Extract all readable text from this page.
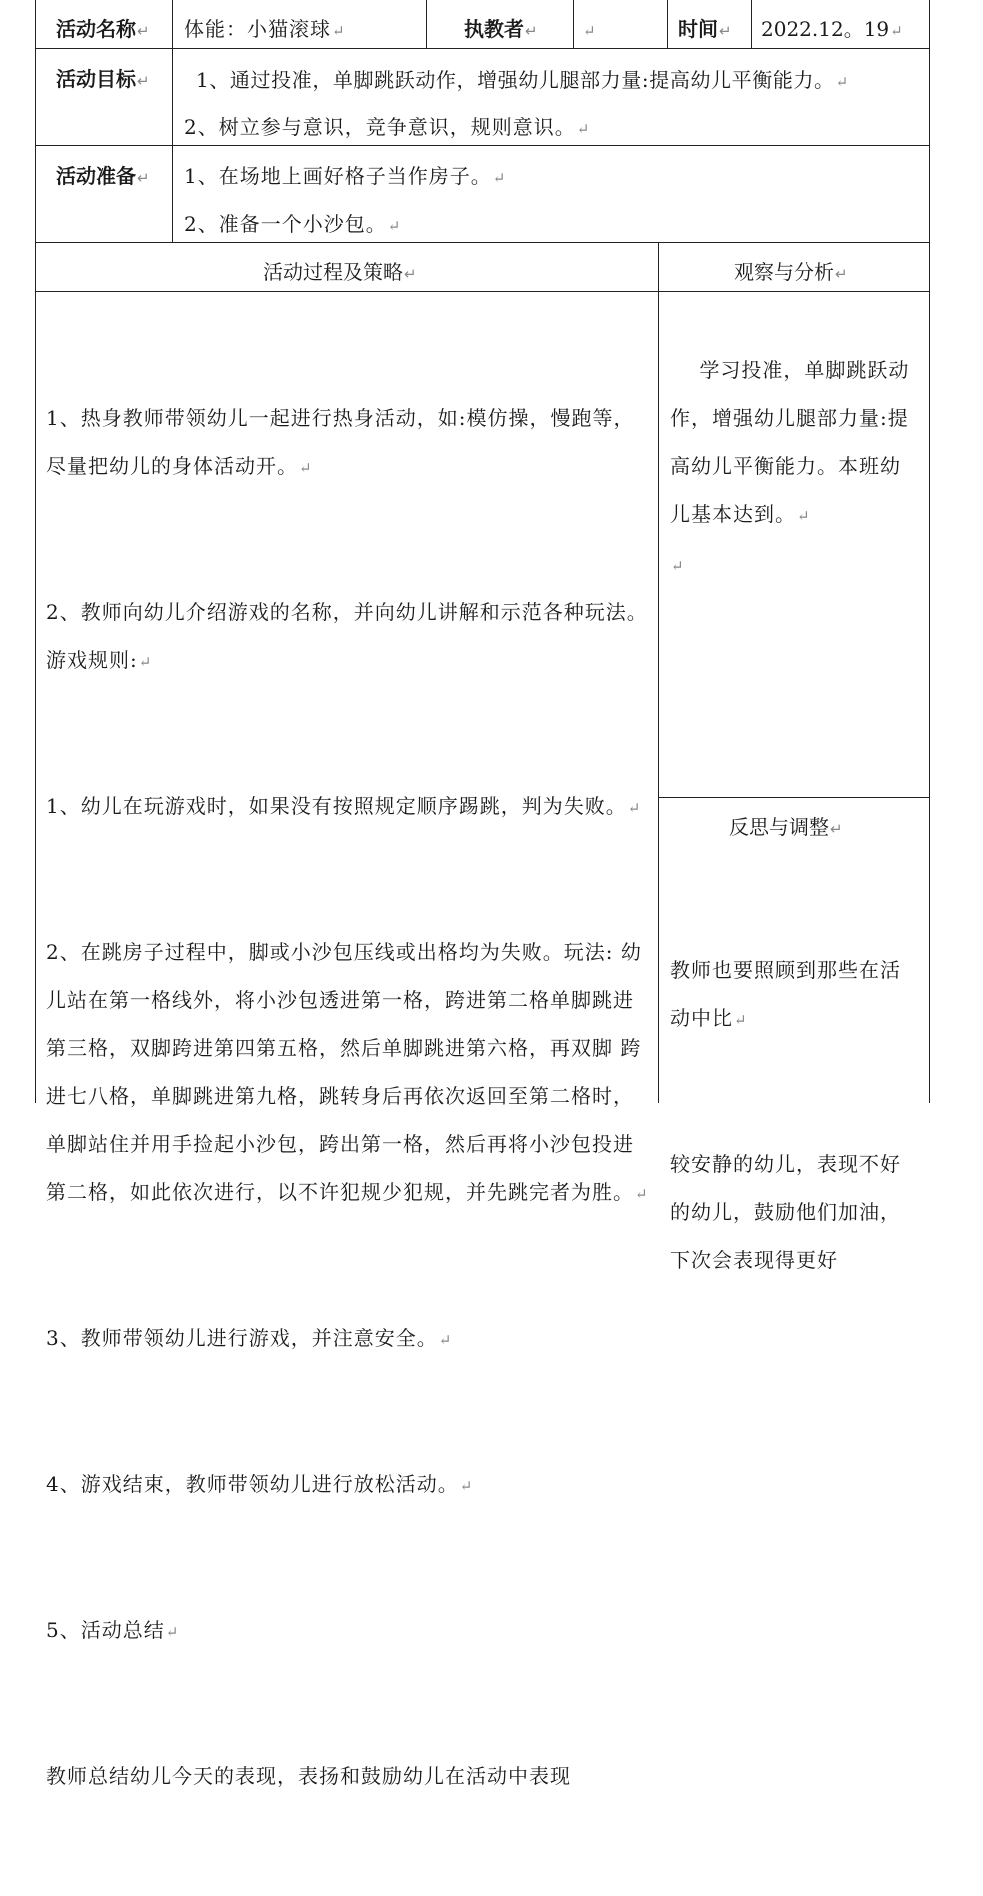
活动名称↵ 体能：小猫滚球↵	执教者↵	↵	时间↵ 2022.12。19↵
活动目标↵ 1、通过投准，单脚跳跃动作，增强幼儿腿部力量:提高幼儿平衡能力。↵
2、树立参与意识，竞争意识，规则意识。↵
活动准备↵ 1、在场地上画好格子当作房子。↵
2、准备一个小沙包。↵
活动过程及策略↵	观察与分析↵

1、热身教师带领幼儿一起进行热身活动，如:模仿操，慢跑等，尽量把幼儿的身体活动开。↵

2、教师向幼儿介绍游戏的名称，并向幼儿讲解和示范各种玩法。游戏规则:↵

1、幼儿在玩游戏时，如果没有按照规定顺序踢跳，判为失败。↵

2、在跳房子过程中，脚或小沙包压线或出格均为失败。玩法: 幼儿站在第一格线外，将小沙包透进第一格，跨进第二格单脚跳进第三格，双脚跨进第四第五格，然后单脚跳进第六格，再双脚 跨进七八格，单脚跳进第九格，跳转身后再依次返回至第二格时，单脚站住并用手捡起小沙包，跨出第一格，然后再将小沙包投进第二格，如此依次进行，以不许犯规少犯规，并先跳完者为胜。↵

3、教师带领幼儿进行游戏，并注意安全。↵

4、游戏结束，教师带领幼儿进行放松活动。↵

5、活动总结↵

教师总结幼儿今天的表现，表扬和鼓励幼儿在活动中表现

学习投准，单脚跳跃动作，增强幼儿腿部力量:提高幼儿平衡能力。本班幼儿基本达到。↵
↵

反思与调整↵

教师也要照顾到那些在活动中比↵

较安静的幼儿，表现不好的幼儿，鼓励他们加油，下次会表现得更好
